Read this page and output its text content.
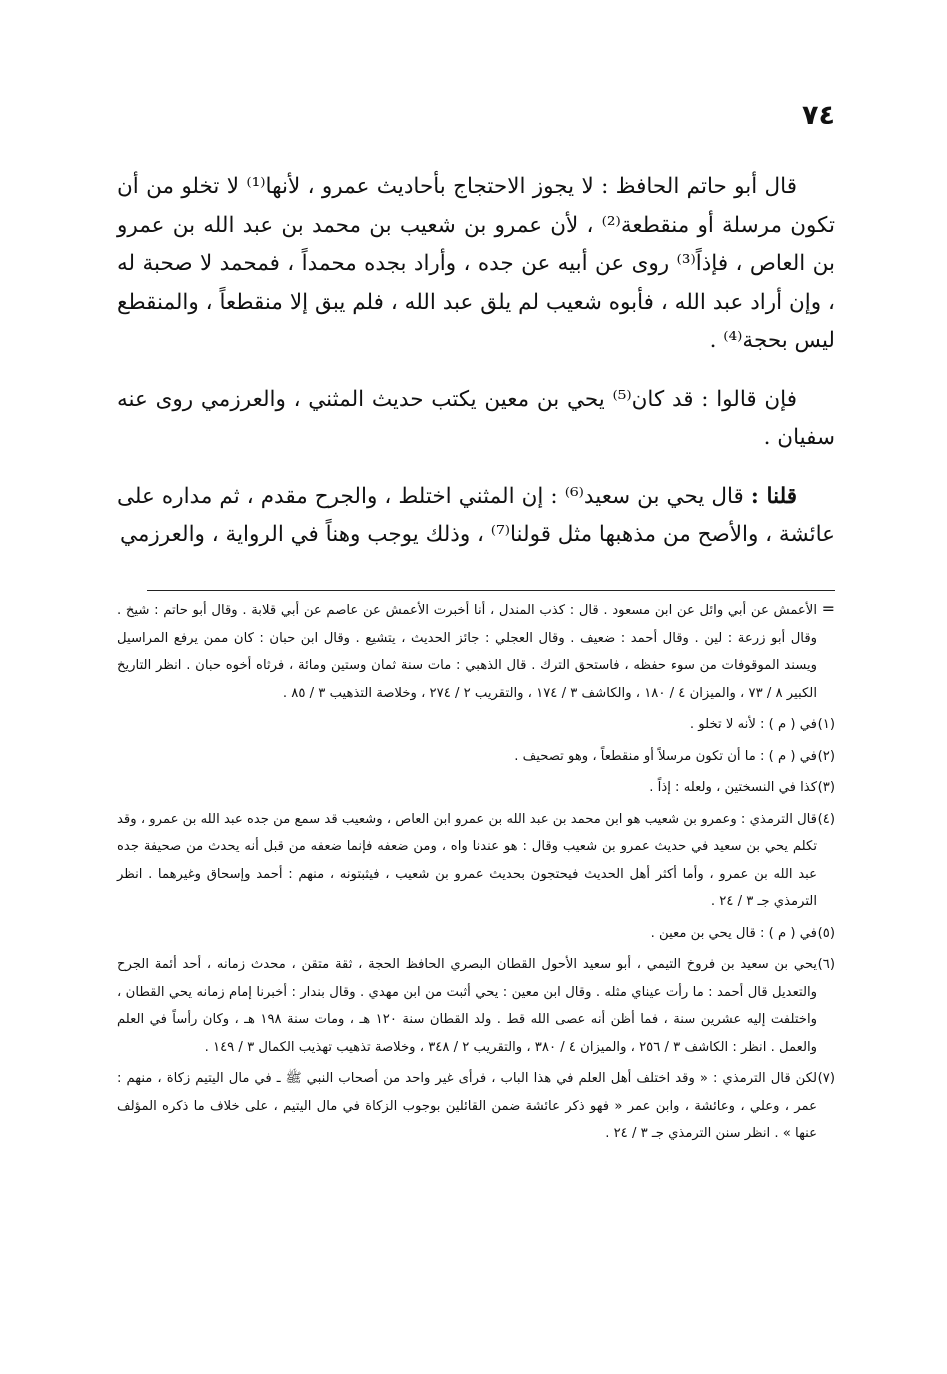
٧٤

قال أبو حاتم الحافظ : لا يجوز الاحتجاج بأحاديث عمرو ، لأنها⁽¹⁾ لا تخلو من أن تكون مرسلة أو منقطعة⁽²⁾ ، لأن عمرو بن شعيب بن محمد بن عبد الله بن عمرو بن العاص ، فإذاً⁽³⁾ روى عن أبيه عن جده ، وأراد بجده محمداً ، فمحمد لا صحبة له ، وإن أراد عبد الله ، فأبوه شعيب لم يلق عبد الله ، فلم يبق إلا منقطعاً ، والمنقطع ليس بحجة⁽⁴⁾ .

فإن قالوا : قد كان⁽⁵⁾ يحي بن معين يكتب حديث المثني ، والعرزمي روى عنه سفيان .

قلنا : قال يحي بن سعيد⁽⁶⁾ : إن المثني اختلط ، والجرح مقدم ، ثم مداره على عائشة ، والأصح من مذهبها مثل قولنا⁽⁷⁾ ، وذلك يوجب وهناً في الرواية ، والعرزمي

=الأعمش عن أبي وائل عن ابن مسعود . قال : كذب المندل ، أنا أخبرت الأعمش عن عاصم عن أبي قلابة . وقال أبو حاتم : شيخ . وقال أبو زرعة : لين . وقال أحمد : ضعيف . وقال العجلي : جائز الحديث ، يتشيع . وقال ابن حبان : كان ممن يرفع المراسيل ويسند الموقوفات من سوء حفظه ، فاستحق الترك . قال الذهبي : مات سنة ثمان وستين ومائة ، فرثاه أخوه حبان . انظر التاريخ الكبير ٨ / ٧٣ ، والميزان ٤ / ١٨٠ ، والكاشف ٣ / ١٧٤ ، والتقريب ٢ / ٢٧٤ ، وخلاصة التذهيب ٣ / ٨٥ .
(١)في ( م ) : لأنه لا تخلو .
(٢)في ( م ) : ما أن تكون مرسلاً أو منقطعاً ، وهو تصحيف .
(٣)كذا في النسختين ، ولعله : إذاً .
(٤)قال الترمذي : وعمرو بن شعيب هو ابن محمد بن عبد الله بن عمرو ابن العاص ، وشعيب قد سمع من جده عبد الله بن عمرو ، وقد تكلم يحي بن سعيد في حديث عمرو بن شعيب وقال : هو عندنا واه ، ومن ضعفه فإنما ضعفه من قبل أنه يحدث من صحيفة جده عبد الله بن عمرو ، وأما أكثر أهل الحديث فيحتجون بحديث عمرو بن شعيب ، فيثبتونه ، منهم : أحمد وإسحاق وغيرهما . انظر الترمذي جـ ٣ / ٢٤ .
(٥)في ( م ) : قال يحي بن معين .
(٦)يحي بن سعيد بن فروخ التيمي ، أبو سعيد الأحول القطان البصري الحافظ الحجة ، ثقة متقن ، محدث زمانه ، أحد أئمة الجرح والتعديل قال أحمد : ما رأت عيناي مثله . وقال ابن معين : يحي أثبت من ابن مهدي . وقال بندار : أخبرنا إمام زمانه يحي القطان ، واختلفت إليه عشرين سنة ، فما أظن أنه عصى الله قط . ولد القطان سنة ١٢٠ هـ ، ومات سنة ١٩٨ هـ ، وكان رأساً في العلم والعمل . انظر : الكاشف ٣ / ٢٥٦ ، والميزان ٤ / ٣٨٠ ، والتقريب ٢ / ٣٤٨ ، وخلاصة تذهيب تهذيب الكمال ٣ / ١٤٩ .
(٧)لكن قال الترمذي : « وقد اختلف أهل العلم في هذا الباب ، فرأى غير واحد من أصحاب النبي ﷺ ـ في مال اليتيم زكاة ، منهم : عمر ، وعلي ، وعائشة ، وابن عمر « فهو ذكر عائشة ضمن القائلين بوجوب الزكاة في مال اليتيم ، على خلاف ما ذكره المؤلف عنها » . انظر سنن الترمذي جـ ٣ / ٢٤ .
